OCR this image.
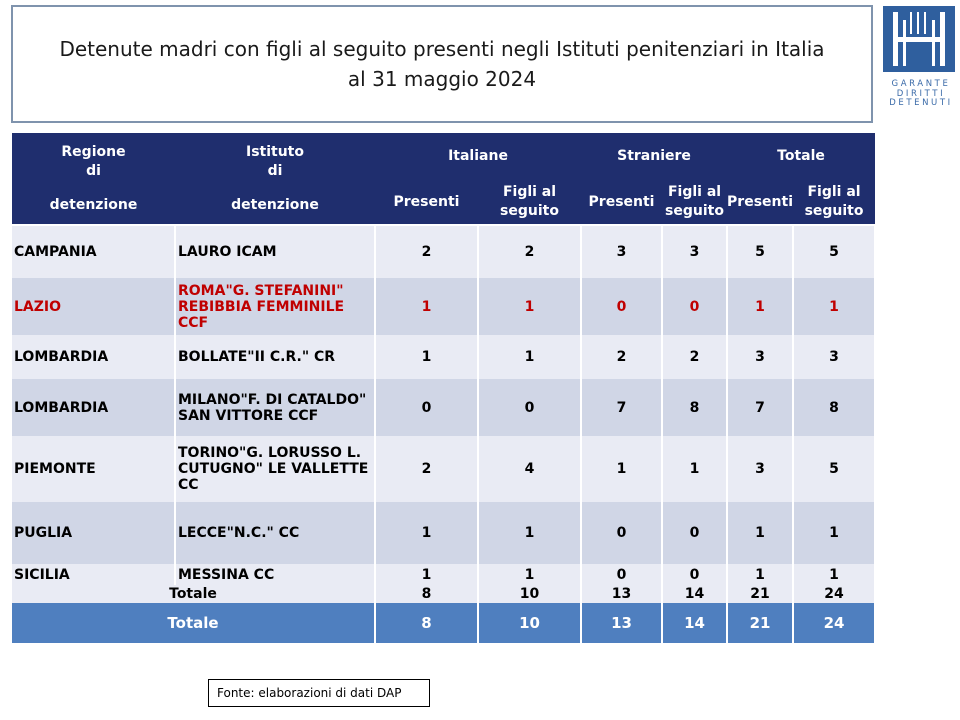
Detenute madri con figli al seguito presenti negli Istituti penitenziari in Italia
al 31 maggio 2024	GARANTE
DIRITTI
DETENUTI
Regione
di
detenzione	Istituto
di
detenzione	Italiane		Straniere		Totale	
		Presenti	Figli al
seguito	Presenti	Figli al
seguito	Presenti	Figli al
seguito

CAMPANIA	LAURO ICAM	2	2	3	3	5	5
LAZIO	ROMA"G. STEFANINI" REBIBBIA FEMMINILE CCF	1	1	0	0	1	1
LOMBARDIA	BOLLATE"II C.R." CR	1	1	2	2	3	3
LOMBARDIA	MILANO"F. DI CATALDO" SAN VITTORE CCF	0	0	7	8	7	8
PIEMONTE	TORINO"G. LORUSSO L. CUTUGNO" LE VALLETTE CC	2	4	1	1	3	5
PUGLIA	LECCE"N.C." CC	1	1	0	0	1	1
SICILIA	MESSINA CC	1	1	0	0	1	1
Totale		8	10	13	14	21	24
Totale		8	10	13	14	21	24
Fonte: elaborazioni di dati DAP
